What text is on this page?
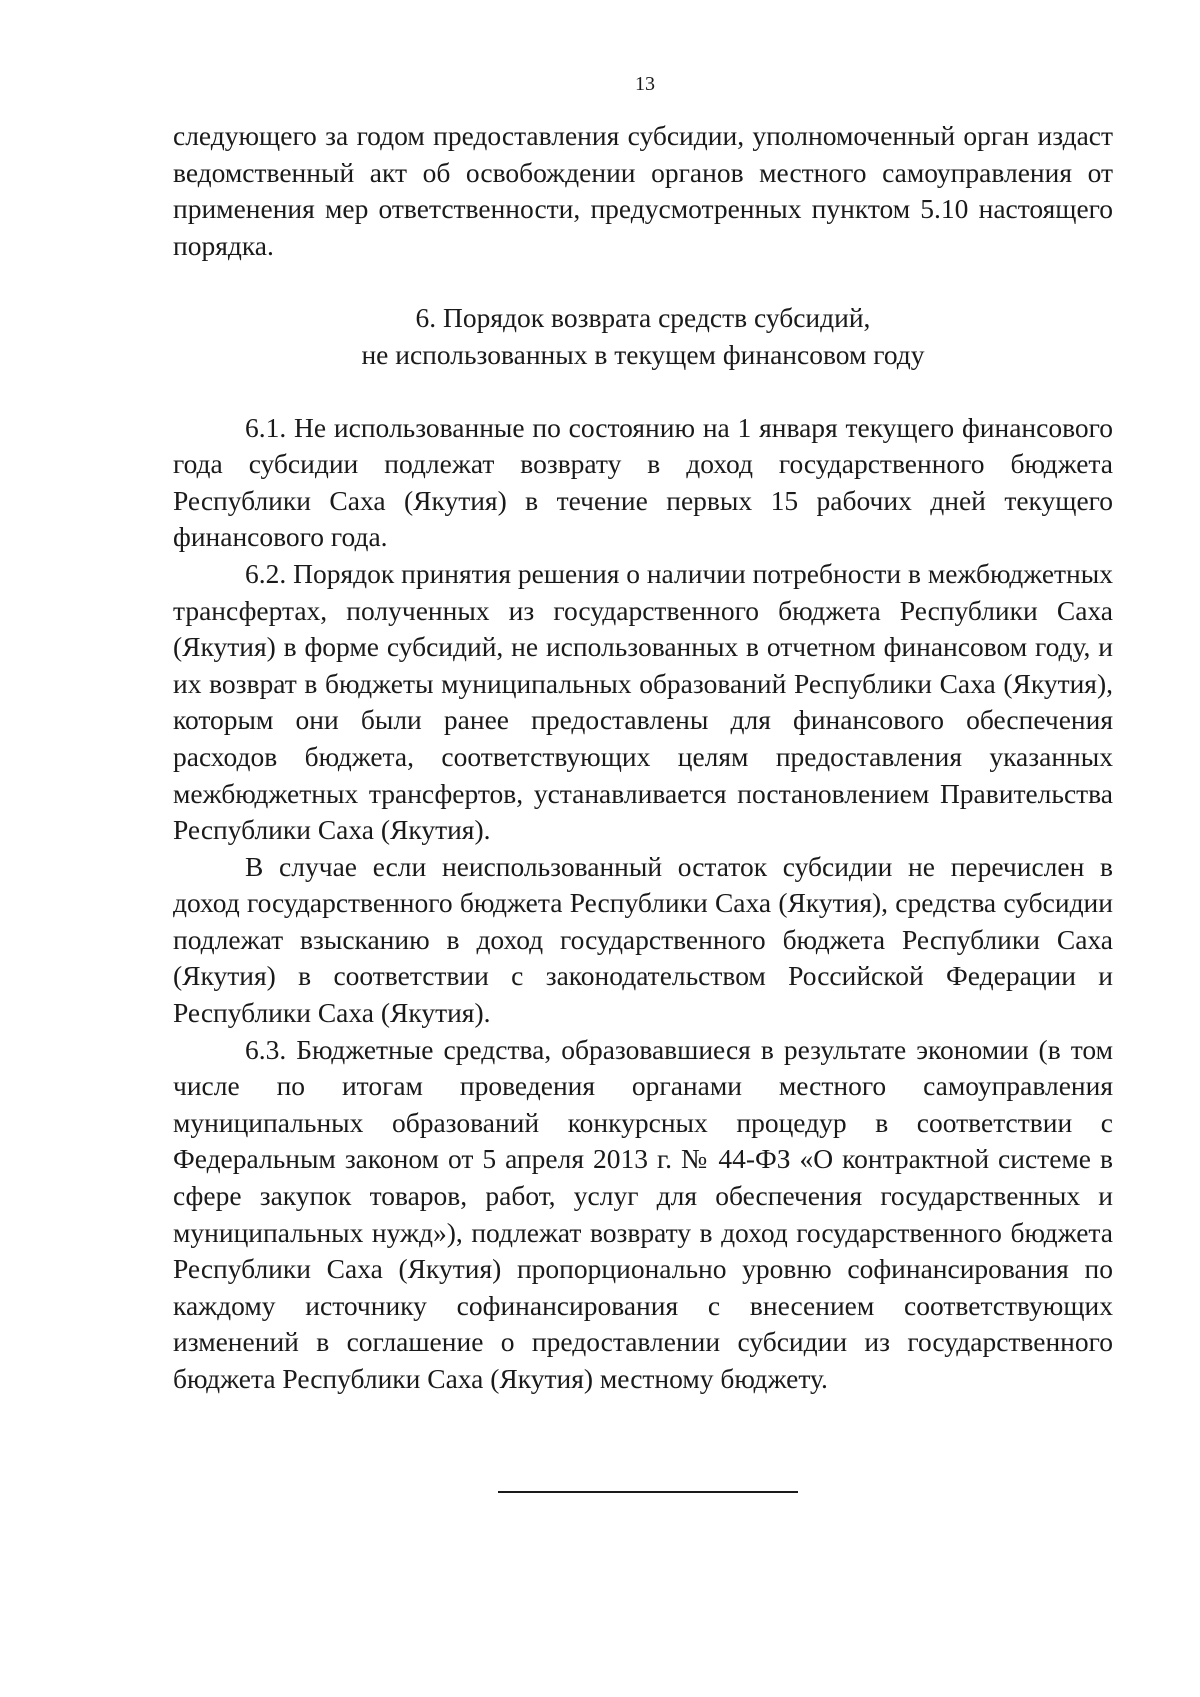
13

следующего за годом предоставления субсидии, уполномоченный орган издаст ведомственный акт об освобождении органов местного самоуправления от применения мер ответственности, предусмотренных пунктом 5.10 настоящего порядка.

6. Порядок возврата средств субсидий,
не использованных в текущем финансовом году

6.1. Не использованные по состоянию на 1 января текущего финансового года субсидии подлежат возврату в доход государственного бюджета Республики Саха (Якутия) в течение первых 15 рабочих дней текущего финансового года.

6.2. Порядок принятия решения о наличии потребности в межбюджетных трансфертах, полученных из государственного бюджета Республики Саха (Якутия) в форме субсидий, не использованных в отчетном финансовом году, и их возврат в бюджеты муниципальных образований Республики Саха (Якутия), которым они были ранее предоставлены для финансового обеспечения расходов бюджета, соответствующих целям предоставления указанных межбюджетных трансфертов, устанавливается постановлением Правительства Республики Саха (Якутия).

В случае если неиспользованный остаток субсидии не перечислен в доход государственного бюджета Республики Саха (Якутия), средства субсидии подлежат взысканию в доход государственного бюджета Республики Саха (Якутия) в соответствии с законодательством Российской Федерации и Республики Саха (Якутия).

6.3. Бюджетные средства, образовавшиеся в результате экономии (в том числе по итогам проведения органами местного самоуправления муниципальных образований конкурсных процедур в соответствии с Федеральным законом от 5 апреля 2013 г. № 44-ФЗ «О контрактной системе в сфере закупок товаров, работ, услуг для обеспечения государственных и муниципальных нужд»), подлежат возврату в доход государственного бюджета Республики Саха (Якутия) пропорционально уровню софинансирования по каждому источнику софинансирования с внесением соответствующих изменений в соглашение о предоставлении субсидии из государственного бюджета Республики Саха (Якутия) местному бюджету.
